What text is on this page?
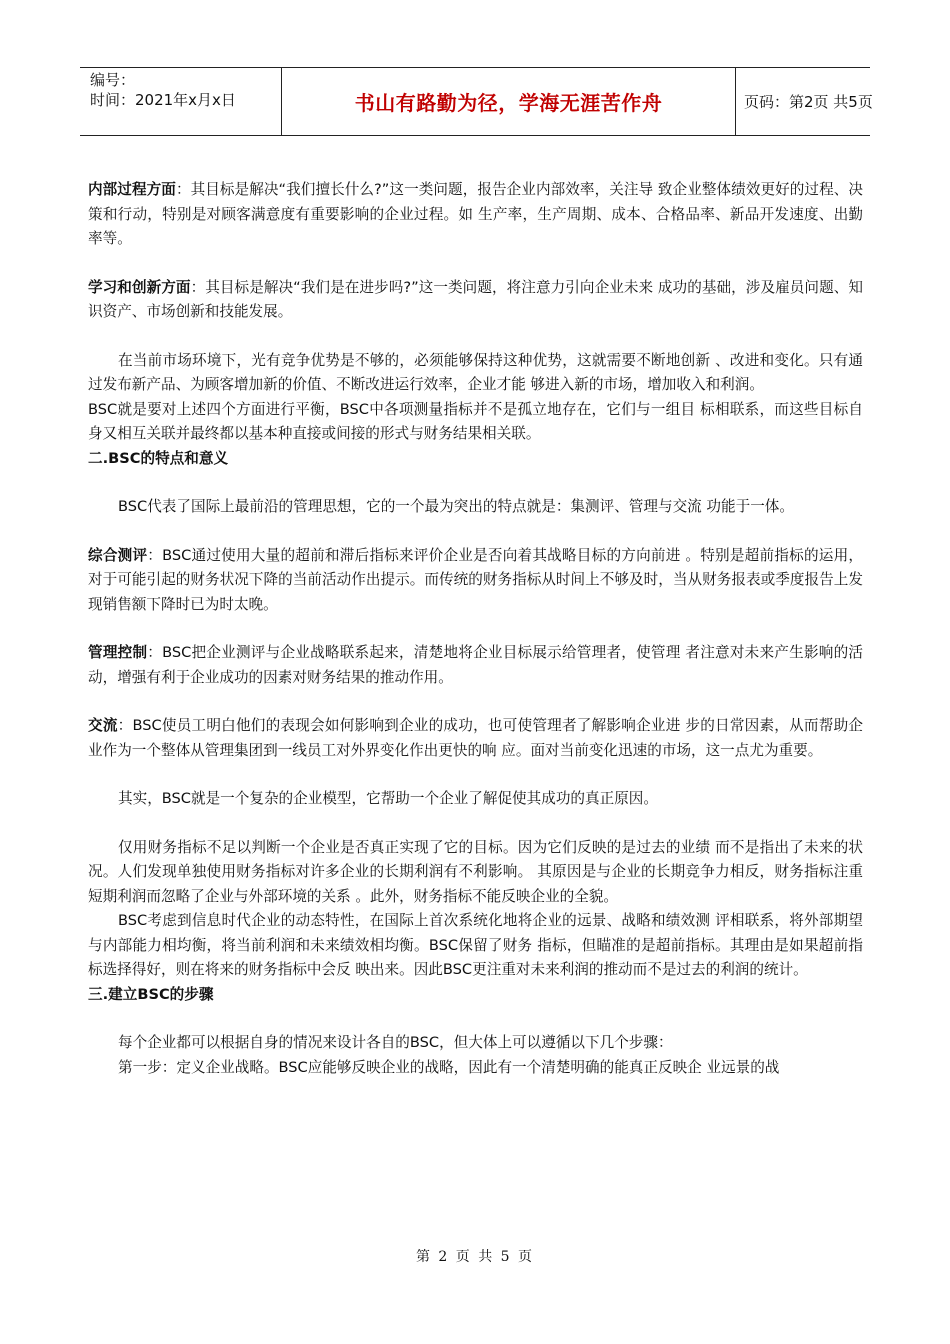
编号：
时间：2021年x月x日	书山有路勤为径，学海无涯苦作舟	页码：第2页 共5页

内部过程方面：其目标是解决“我们擅长什么?”这一类问题，报告企业内部效率，关注导 致企业整体绩效更好的过程、决策和行动，特别是对顾客满意度有重要影响的企业过程。如 生产率，生产周期、成本、合格品率、新品开发速度、出勤率等。

学习和创新方面：其目标是解决“我们是在进步吗?”这一类问题，将注意力引向企业未来 成功的基础，涉及雇员问题、知识资产、市场创新和技能发展。

在当前市场环境下，光有竞争优势是不够的，必须能够保持这种优势，这就需要不断地创新 、改进和变化。只有通过发布新产品、为顾客增加新的价值、不断改进运行效率，企业才能 够进入新的市场，增加收入和利润。

BSC就是要对上述四个方面进行平衡，BSC中各项测量指标并不是孤立地存在，它们与一组目 标相联系，而这些目标自身又相互关联并最终都以基本种直接或间接的形式与财务结果相关联。

二.BSC的特点和意义

BSC代表了国际上最前沿的管理思想，它的一个最为突出的特点就是：集测评、管理与交流 功能于一体。

综合测评：BSC通过使用大量的超前和滞后指标来评价企业是否向着其战略目标的方向前进 。特别是超前指标的运用，对于可能引起的财务状况下降的当前活动作出提示。而传统的财务指标从时间上不够及时，当从财务报表或季度报告上发现销售额下降时已为时太晚。

管理控制：BSC把企业测评与企业战略联系起来，清楚地将企业目标展示给管理者，使管理 者注意对未来产生影响的活动，增强有利于企业成功的因素对财务结果的推动作用。

交流：BSC使员工明白他们的表现会如何影响到企业的成功，也可使管理者了解影响企业进 步的日常因素，从而帮助企业作为一个整体从管理集团到一线员工对外界变化作出更快的响 应。面对当前变化迅速的市场，这一点尤为重要。

其实，BSC就是一个复杂的企业模型，它帮助一个企业了解促使其成功的真正原因。

仅用财务指标不足以判断一个企业是否真正实现了它的目标。因为它们反映的是过去的业绩 而不是指出了未来的状况。人们发现单独使用财务指标对许多企业的长期利润有不利影响。 其原因是与企业的长期竞争力相反，财务指标注重短期利润而忽略了企业与外部环境的关系 。此外，财务指标不能反映企业的全貌。

BSC考虑到信息时代企业的动态特性，在国际上首次系统化地将企业的远景、战略和绩效测 评相联系，将外部期望与内部能力相均衡，将当前利润和未来绩效相均衡。BSC保留了财务 指标，但瞄准的是超前指标。其理由是如果超前指标选择得好，则在将来的财务指标中会反 映出来。因此BSC更注重对未来利润的推动而不是过去的利润的统计。

三.建立BSC的步骤

每个企业都可以根据自身的情况来设计各自的BSC，但大体上可以遵循以下几个步骤：

第一步：定义企业战略。BSC应能够反映企业的战略，因此有一个清楚明确的能真正反映企 业远景的战

第 2 页 共 5 页
